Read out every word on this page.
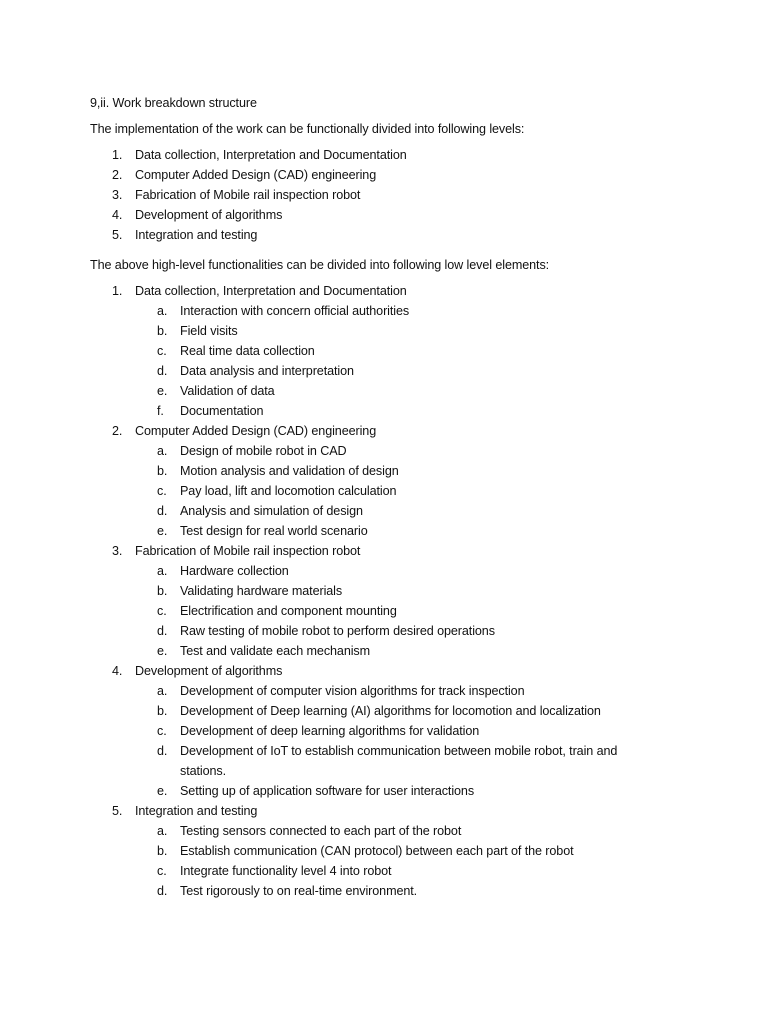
9,ii. Work breakdown structure
The implementation of the work can be functionally divided into following levels:
1. Data collection, Interpretation and Documentation
2. Computer Added Design (CAD) engineering
3. Fabrication of Mobile rail inspection robot
4. Development of algorithms
5. Integration and testing
The above high-level functionalities can be divided into following low level elements:
1. Data collection, Interpretation and Documentation
a. Interaction with concern official authorities
b. Field visits
c. Real time data collection
d. Data analysis and interpretation
e. Validation of data
f. Documentation
2. Computer Added Design (CAD) engineering
a. Design of mobile robot in CAD
b. Motion analysis and validation of design
c. Pay load, lift and locomotion calculation
d. Analysis and simulation of design
e. Test design for real world scenario
3. Fabrication of Mobile rail inspection robot
a. Hardware collection
b. Validating hardware materials
c. Electrification and component mounting
d. Raw testing of mobile robot to perform desired operations
e. Test and validate each mechanism
4. Development of algorithms
a. Development of computer vision algorithms for track inspection
b. Development of Deep learning (AI) algorithms for locomotion and localization
c. Development of deep learning algorithms for validation
d. Development of IoT to establish communication between mobile robot, train and stations.
e. Setting up of application software for user interactions
5. Integration and testing
a. Testing sensors connected to each part of the robot
b. Establish communication (CAN protocol) between each part of the robot
c. Integrate functionality level 4 into robot
d. Test rigorously to on real-time environment.
